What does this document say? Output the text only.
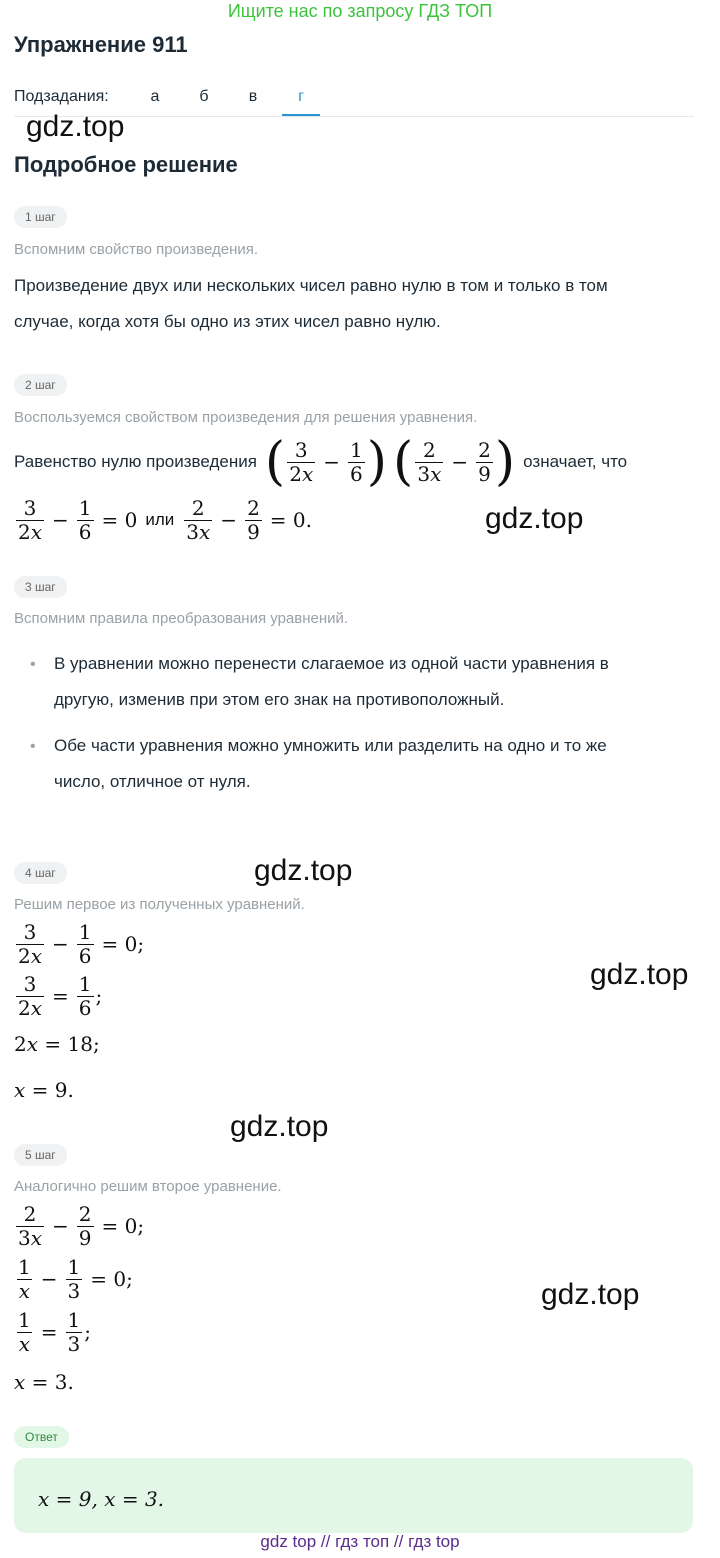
Ищите нас по запросу ГДЗ ТОП
Упражнение 911
Подзадания:	а	б	в	г
gdz.top
Подробное решение
1 шаг
Вспомним свойство произведения.
Произведение двух или нескольких чисел равно нулю в том и только в том
случае, когда хотя бы одно из этих чисел равно нулю.
2 шаг
Воспользуемся свойством произведения для решения уравнения.
Равенство нулю произведения ( $\frac{3}{2x} - \frac{1}{6}$ ) ( $\frac{2}{3x} - \frac{2}{9}$ ) означает, что
$\frac{3}{2x} - \frac{1}{6} = 0$ или $\frac{2}{3x} - \frac{2}{9} = 0$.	gdz.top
3 шаг
Вспомним правила преобразования уравнений.
• В уравнении можно перенести слагаемое из одной части уравнения в
другую, изменив при этом его знак на противоположный.
• Обе части уравнения можно умножить или разделить на одно и то же
число, отличное от нуля.
gdz.top
4 шаг
Решим первое из полученных уравнений.
$\frac{3}{2x} - \frac{1}{6} = 0$;
$\frac{3}{2x} = \frac{1}{6}$ ;
gdz.top
2x = 18;
x = 9.
gdz.top
5 шаг
Аналогично решим второе уравнение.
$\frac{2}{3x} - \frac{2}{9} = 0$;
$\frac{1}{x} - \frac{1}{3} = 0$;	gdz.top
$\frac{1}{x} = \frac{1}{3}$ ;
x = 3.
Ответ
x = 9, x = 3.
gdz top // гдз топ // гдз top
